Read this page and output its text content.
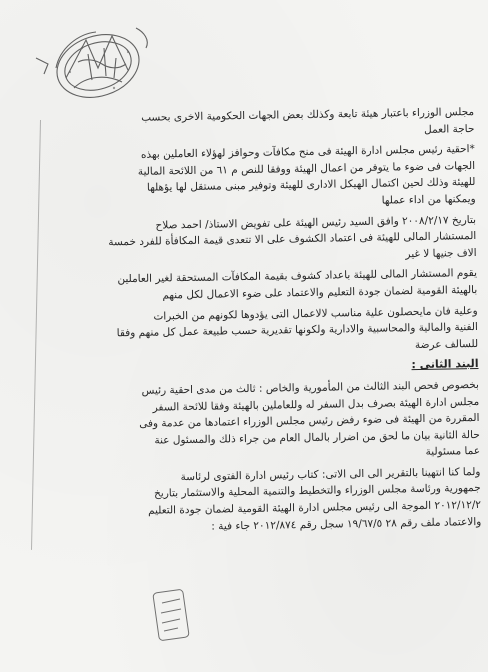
مجلس الوزراء باعتبار هيئة تابعة وكذلك بعض الجهات الحكومية الاخرى بحسب

حاجة العمل

*احقية رئيس مجلس ادارة الهيئة فى منح مكافآت وحوافز لهؤلاء العاملين بهذه

الجهات فى ضوء ما يتوفر من اعمال الهيئة ووفقا للنص م ٦١ من اللائحة المالية

للهيئة وذلك لحين اكتمال الهيكل الادارى للهيئة وتوفير مبنى مستقل لها يؤهلها

ويمكنها من اداء عملها

بتاريخ ٢٠٠٨/٢/١٧ وافق السيد رئيس الهيئة على تفويض الاستاذ/ احمد صلاح

المستشار المالى للهيئة فى اعتماد الكشوف على الا تتعدى قيمة المكافأة للفرد خمسة

الاف جنيها لا غير

يقوم المستشار المالى للهيئة باعداد كشوف بقيمة المكافآت المستحقة لغير العاملين

بالهيئة القومية لضمان جودة التعليم والاعتماد على ضوء الاعمال لكل منهم

وعلية فان مايحصلون علية مناسب لالاعمال التى يؤدوها لكونهم من الخبرات

الفنية والمالية والمحاسبية والادارية ولكونها تقديرية حسب طبيعة عمل كل منهم وفقا

للسالف عرضة

البند الثانى :

بخصوص فحص البند الثالث من المأمورية والخاص : ثالث من مدى احقية رئيس

مجلس ادارة الهيئة بصرف بدل السفر له وللعاملين بالهيئة وفقا للائحة السفر

المقررة من الهيئة فى ضوء رفض رئيس مجلس الوزراء اعتمادها من عدمة وفى

حالة الثانية بيان ما لحق من اضرار بالمال العام من جراء ذلك والمسئول عنة

عما مسئولية

ولما كنا انتهينا بالتقرير الى الى الاتى: كتاب رئيس ادارة الفتوى لرئاسة

جمهورية ورئاسة مجلس الوزراء والتخطيط والتنمية المحلية والاستثمار بتاريخ

٢٠١٢/١٢/٢ الموجة الى رئيس مجلس ادارة الهيئة القومية لضمان جودة التعليم

والاعتماد ملف رقم ٢٨ ١٩/٦٧/٥ سجل رقم ٢٠١٢/٨٧٤ جاء فية :
